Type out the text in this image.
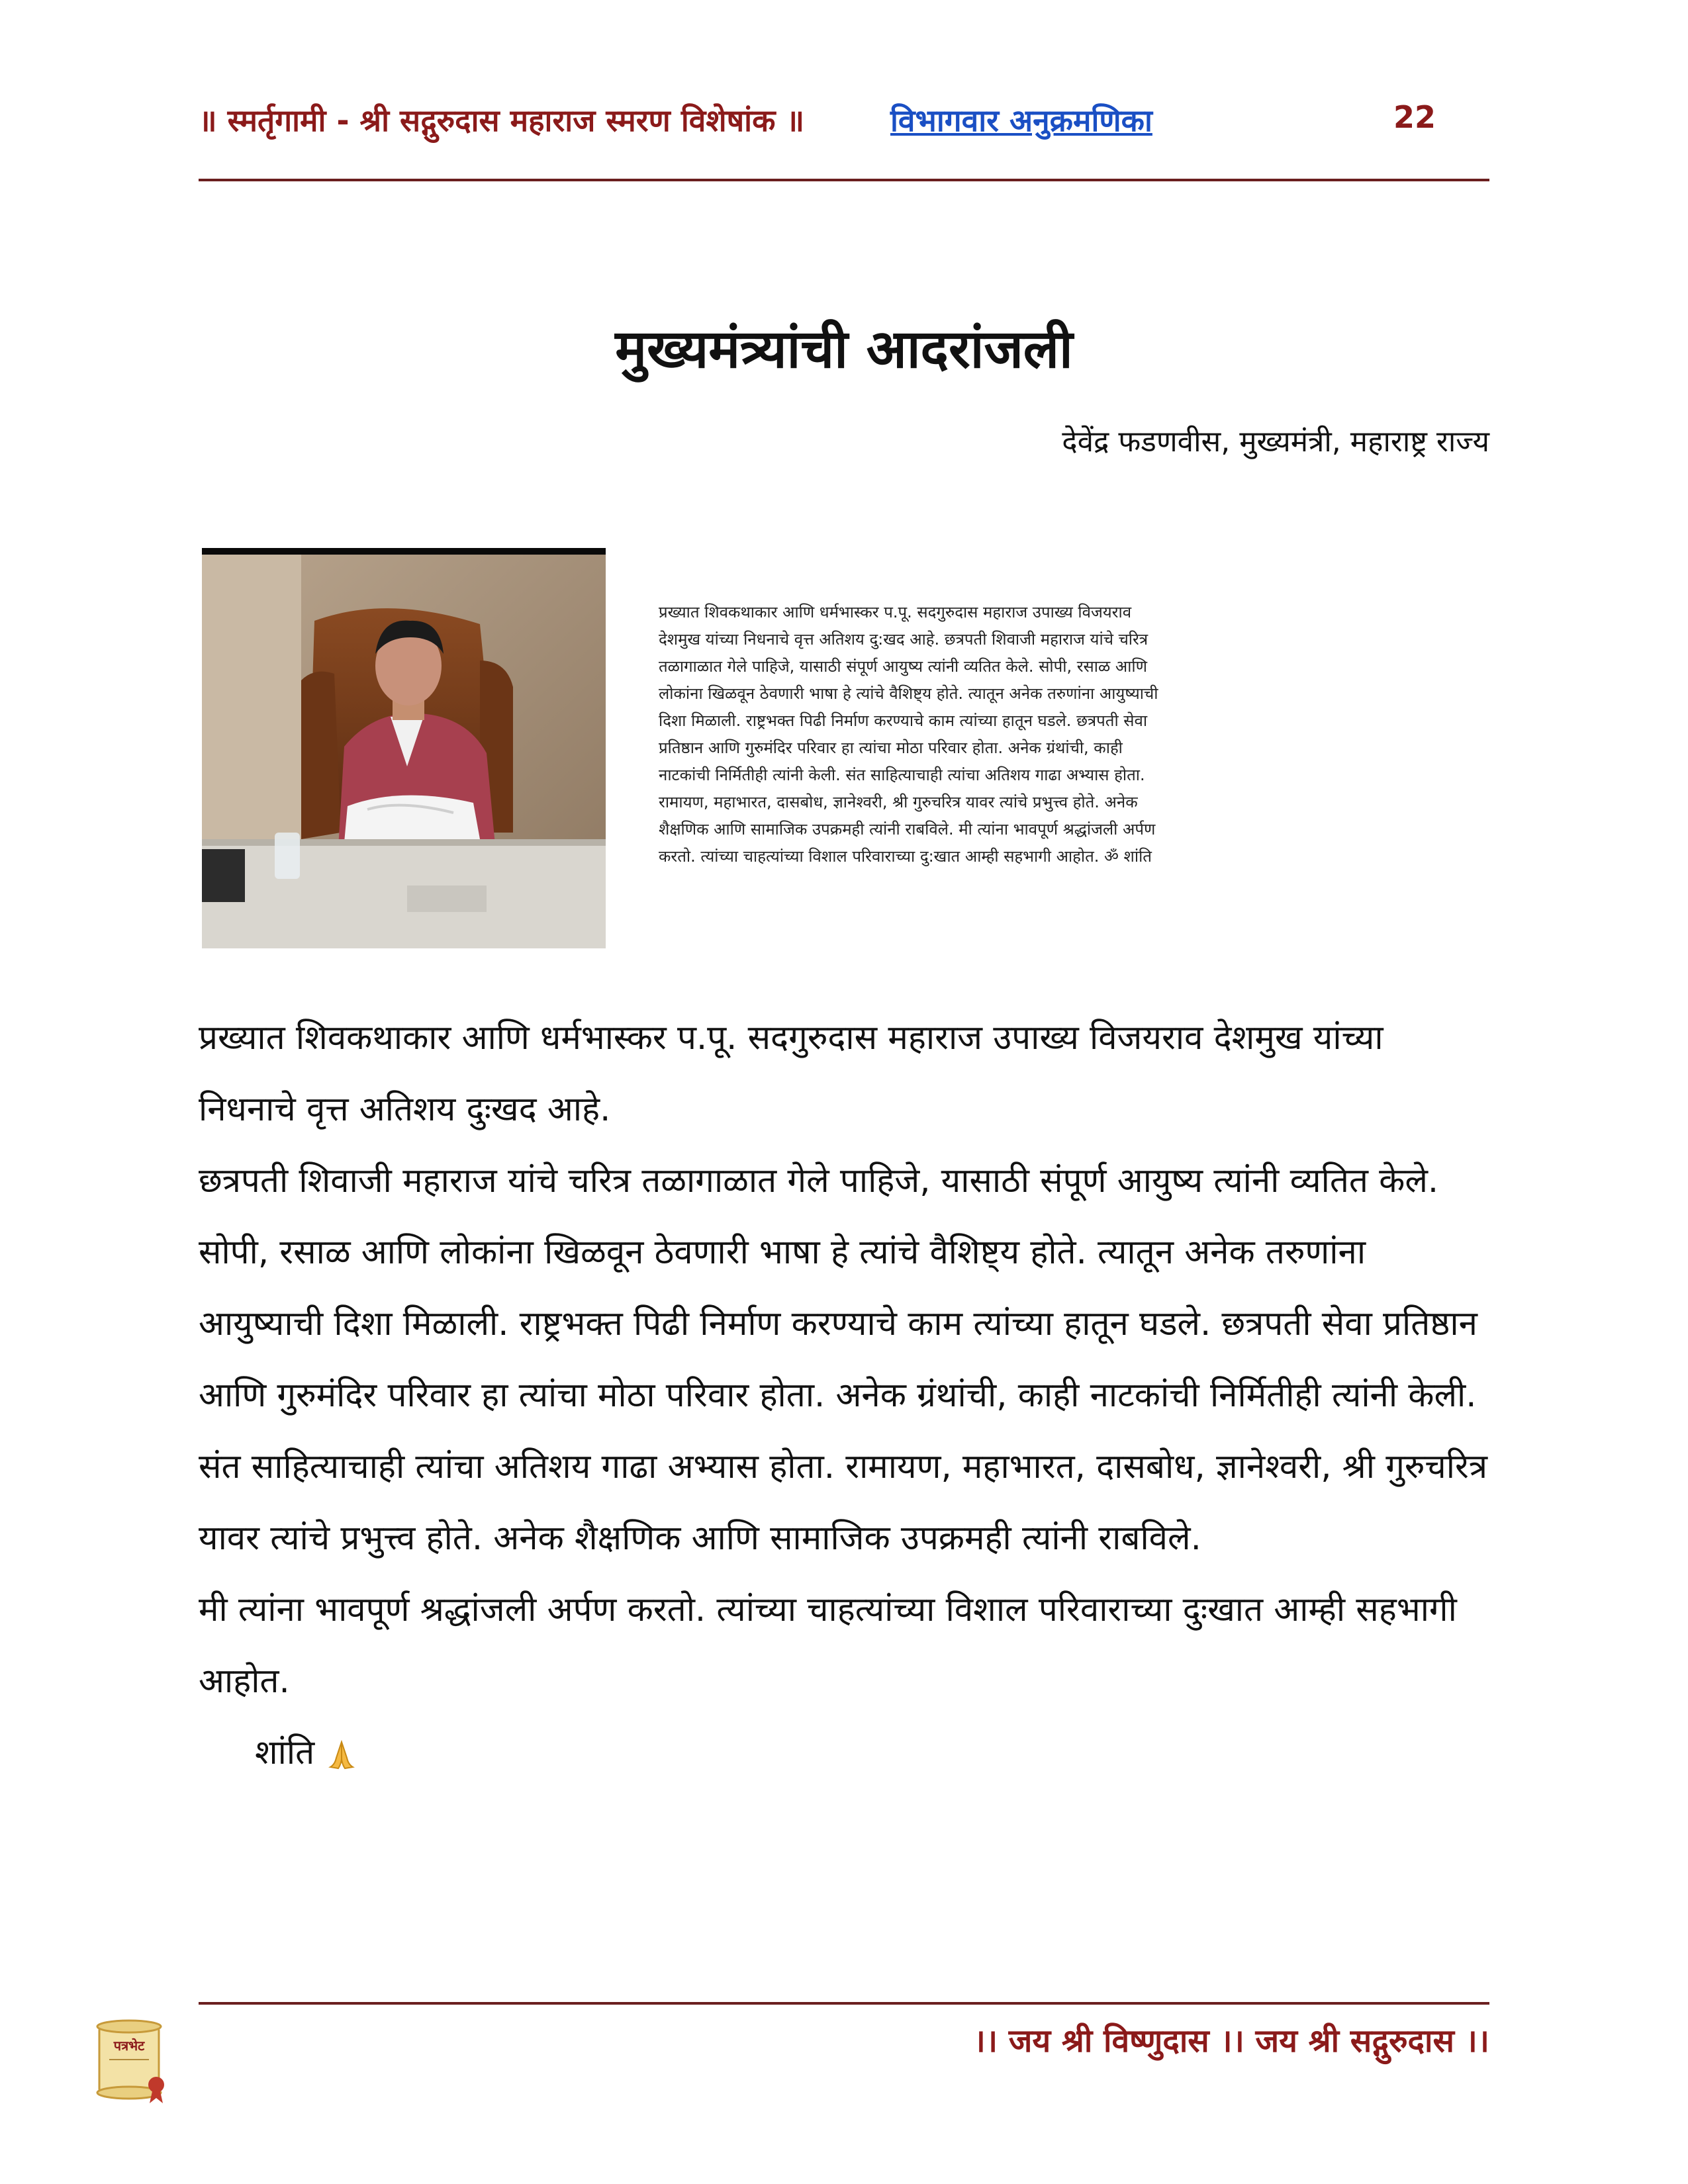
॥ स्मर्तृगामी - श्री सद्गुरुदास महाराज स्मरण विशेषांक ॥	विभागवार अनुक्रमणिका	22
मुख्यमंत्र्यांची आदरांजली
देवेंद्र फडणवीस, मुख्यमंत्री, महाराष्ट्र राज्य

प्रख्यात शिवकथाकार आणि धर्मभास्कर प.पू. सदगुरुदास महाराज उपाख्य विजयराव देशमुख यांच्या निधनाचे वृत्त अतिशय दु:खद आहे. छत्रपती शिवाजी महाराज यांचे चरित्र तळागाळात गेले पाहिजे, यासाठी संपूर्ण आयुष्य त्यांनी व्यतित केले. सोपी, रसाळ आणि लोकांना खिळवून ठेवणारी भाषा हे त्यांचे वैशिष्ट्य होते. त्यातून अनेक तरुणांना आयुष्याची दिशा मिळाली. राष्ट्रभक्त पिढी निर्माण करण्याचे काम त्यांच्या हातून घडले. छत्रपती सेवा प्रतिष्ठान आणि गुरुमंदिर परिवार हा त्यांचा मोठा परिवार होता. अनेक ग्रंथांची, काही नाटकांची निर्मितीही त्यांनी केली. संत साहित्याचाही त्यांचा अतिशय गाढा अभ्यास होता. रामायण, महाभारत, दासबोध, ज्ञानेश्वरी, श्री गुरुचरित्र यावर त्यांचे प्रभुत्त्व होते. अनेक शैक्षणिक आणि सामाजिक उपक्रमही त्यांनी राबविले. मी त्यांना भावपूर्ण श्रद्धांजली अर्पण करतो. त्यांच्या चाहत्यांच्या विशाल परिवाराच्या दु:खात आम्ही सहभागी आहोत. ॐ शांति

प्रख्यात शिवकथाकार आणि धर्मभास्कर प.पू. सदगुरुदास महाराज उपाख्य विजयराव देशमुख यांच्या निधनाचे वृत्त अतिशय दुःखद आहे.

छत्रपती शिवाजी महाराज यांचे चरित्र तळागाळात गेले पाहिजे, यासाठी संपूर्ण आयुष्य त्यांनी व्यतित केले. सोपी, रसाळ आणि लोकांना खिळवून ठेवणारी भाषा हे त्यांचे वैशिष्ट्य होते. त्यातून अनेक तरुणांना आयुष्याची दिशा मिळाली. राष्ट्रभक्त पिढी निर्माण करण्याचे काम त्यांच्या हातून घडले. छत्रपती सेवा प्रतिष्ठान आणि गुरुमंदिर परिवार हा त्यांचा मोठा परिवार होता. अनेक ग्रंथांची, काही नाटकांची निर्मितीही त्यांनी केली. संत साहित्याचाही त्यांचा अतिशय गाढा अभ्यास होता. रामायण, महाभारत, दासबोध, ज्ञानेश्वरी, श्री गुरुचरित्र यावर त्यांचे प्रभुत्त्व होते. अनेक शैक्षणिक आणि सामाजिक उपक्रमही त्यांनी राबविले.

मी त्यांना भावपूर्ण श्रद्धांजली अर्पण करतो. त्यांच्या चाहत्यांच्या विशाल परिवाराच्या दुःखात आम्ही सहभागी आहोत.

शांति

पत्रभेट	।। जय श्री विष्णुदास ।। जय श्री सद्गुरुदास ।।
